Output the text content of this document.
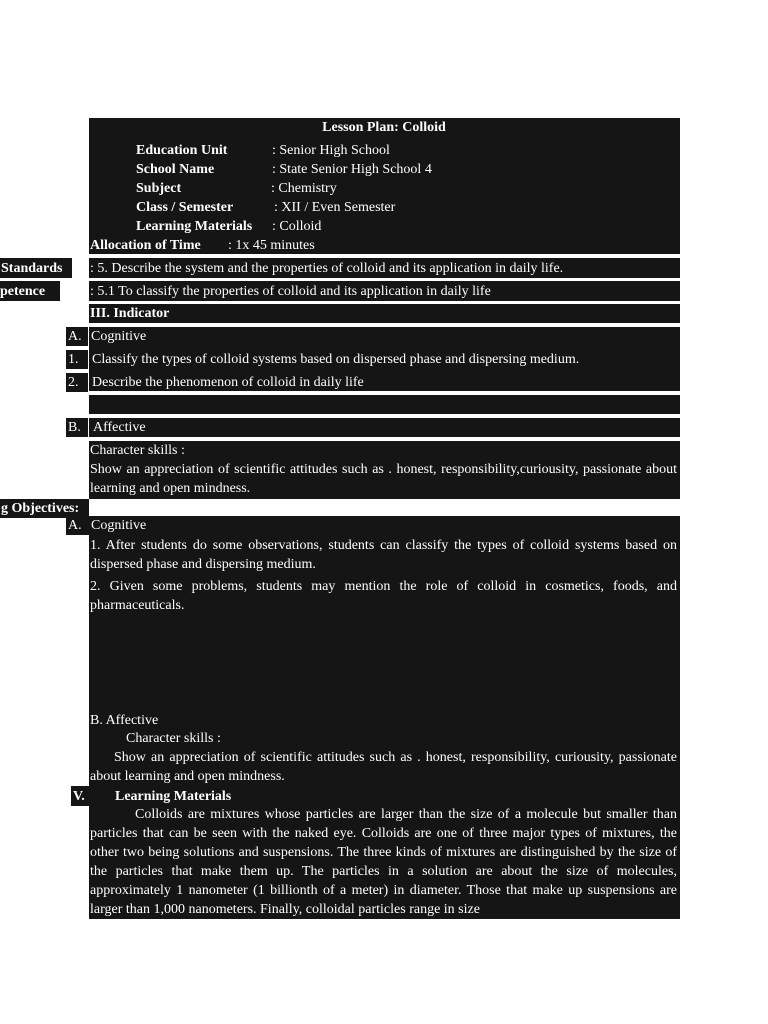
Lesson Plan: Colloid
Education Unit	: Senior High School
School Name	: State Senior High School 4
Subject	: Chemistry
Class / Semester	: XII / Even Semester
Learning Materials : Colloid
Allocation of Time : 1x 45 minutes
Standards : 5. Describe the system and the properties of colloid and its application in daily life.
petence	: 5.1 To classify the properties of colloid and its application in daily life
III. Indicator
A. Cognitive
1. Classify the types of colloid systems based on dispersed phase and dispersing medium.
2. Describe the phenomenon of colloid in daily life
B. Affective
Character skills :
Show an appreciation of scientific attitudes such as . honest, responsibility,curiousity, passionate about learning and open mindness.
g Objectives:
A. Cognitive
1. After students do some observations, students can classify the types of colloid systems based on dispersed phase and dispersing medium.
2. Given some problems, students may mention the role of colloid in cosmetics, foods, and pharmaceuticals.
B. Affective
Character skills :
Show an appreciation of scientific attitudes such as . honest, responsibility, curiousity, passionate about learning and open mindness.
V. Learning Materials
Colloids are mixtures whose particles are larger than the size of a molecule but smaller than particles that can be seen with the naked eye. Colloids are one of three major types of mixtures, the other two being solutions and suspensions. The three kinds of mixtures are distinguished by the size of the particles that make them up. The particles in a solution are about the size of molecules, approximately 1 nanometer (1 billionth of a meter) in diameter. Those that make up suspensions are larger than 1,000 nanometers. Finally, colloidal particles range in size
